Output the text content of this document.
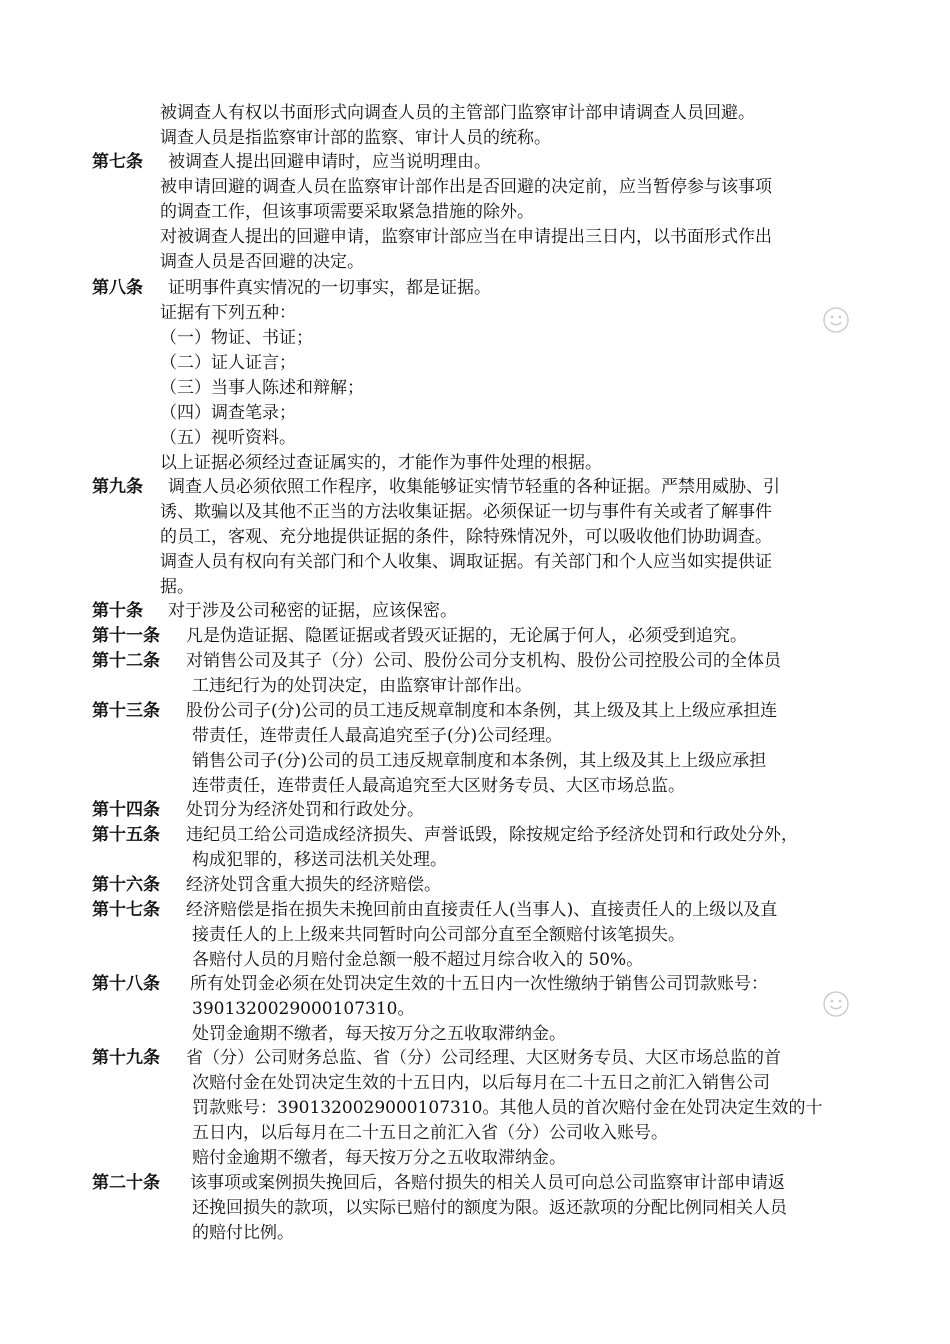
第七条
第八条
第九条
第十条
第十一条
第十二条
第十三条
第十四条
第十五条
第十六条
第十七条
第十八条
第十九条
第二十条
被调查人有权以书面形式向调查人员的主管部门监察审计部申请调查人员回避。
调查人员是指监察审计部的监察、审计人员的统称。
被调查人提出回避申请时，应当说明理由。
被申请回避的调查人员在监察审计部作出是否回避的决定前，应当暂停参与该事项
的调查工作，但该事项需要采取紧急措施的除外。
对被调查人提出的回避申请，监察审计部应当在申请提出三日内，以书面形式作出
调查人员是否回避的决定。
证明事件真实情况的一切事实，都是证据。
证据有下列五种：
（一）物证、书证；
（二）证人证言；
（三）当事人陈述和辩解；
（四）调查笔录；
（五）视听资料。
以上证据必须经过查证属实的，才能作为事件处理的根据。
调查人员必须依照工作程序，收集能够证实情节轻重的各种证据。严禁用威胁、引
诱、欺骗以及其他不正当的方法收集证据。必须保证一切与事件有关或者了解事件
的员工，客观、充分地提供证据的条件，除特殊情况外，可以吸收他们协助调查。
调查人员有权向有关部门和个人收集、调取证据。有关部门和个人应当如实提供证
据。
对于涉及公司秘密的证据，应该保密。
凡是伪造证据、隐匿证据或者毁灭证据的，无论属于何人，必须受到追究。
对销售公司及其子（分）公司、股份公司分支机构、股份公司控股公司的全体员
工违纪行为的处罚决定，由监察审计部作出。
股份公司子(分)公司的员工违反规章制度和本条例，其上级及其上上级应承担连
带责任，连带责任人最高追究至子(分)公司经理。
销售公司子(分)公司的员工违反规章制度和本条例，其上级及其上上级应承担
连带责任，连带责任人最高追究至大区财务专员、大区市场总监。
处罚分为经济处罚和行政处分。
违纪员工给公司造成经济损失、声誉诋毁，除按规定给予经济处罚和行政处分外，
构成犯罪的，移送司法机关处理。
经济处罚含重大损失的经济赔偿。
经济赔偿是指在损失未挽回前由直接责任人(当事人)、直接责任人的上级以及直
接责任人的上上级来共同暂时向公司部分直至全额赔付该笔损失。
各赔付人员的月赔付金总额一般不超过月综合收入的 50%。
所有处罚金必须在处罚决定生效的十五日内一次性缴纳于销售公司罚款账号：
3901320029000107310。
处罚金逾期不缴者，每天按万分之五收取滞纳金。
省（分）公司财务总监、省（分）公司经理、大区财务专员、大区市场总监的首
次赔付金在处罚决定生效的十五日内，以后每月在二十五日之前汇入销售公司
罚款账号：3901320029000107310。其他人员的首次赔付金在处罚决定生效的十
五日内，以后每月在二十五日之前汇入省（分）公司收入账号。
赔付金逾期不缴者，每天按万分之五收取滞纳金。
该事项或案例损失挽回后，各赔付损失的相关人员可向总公司监察审计部申请返
还挽回损失的款项，以实际已赔付的额度为限。返还款项的分配比例同相关人员
的赔付比例。
